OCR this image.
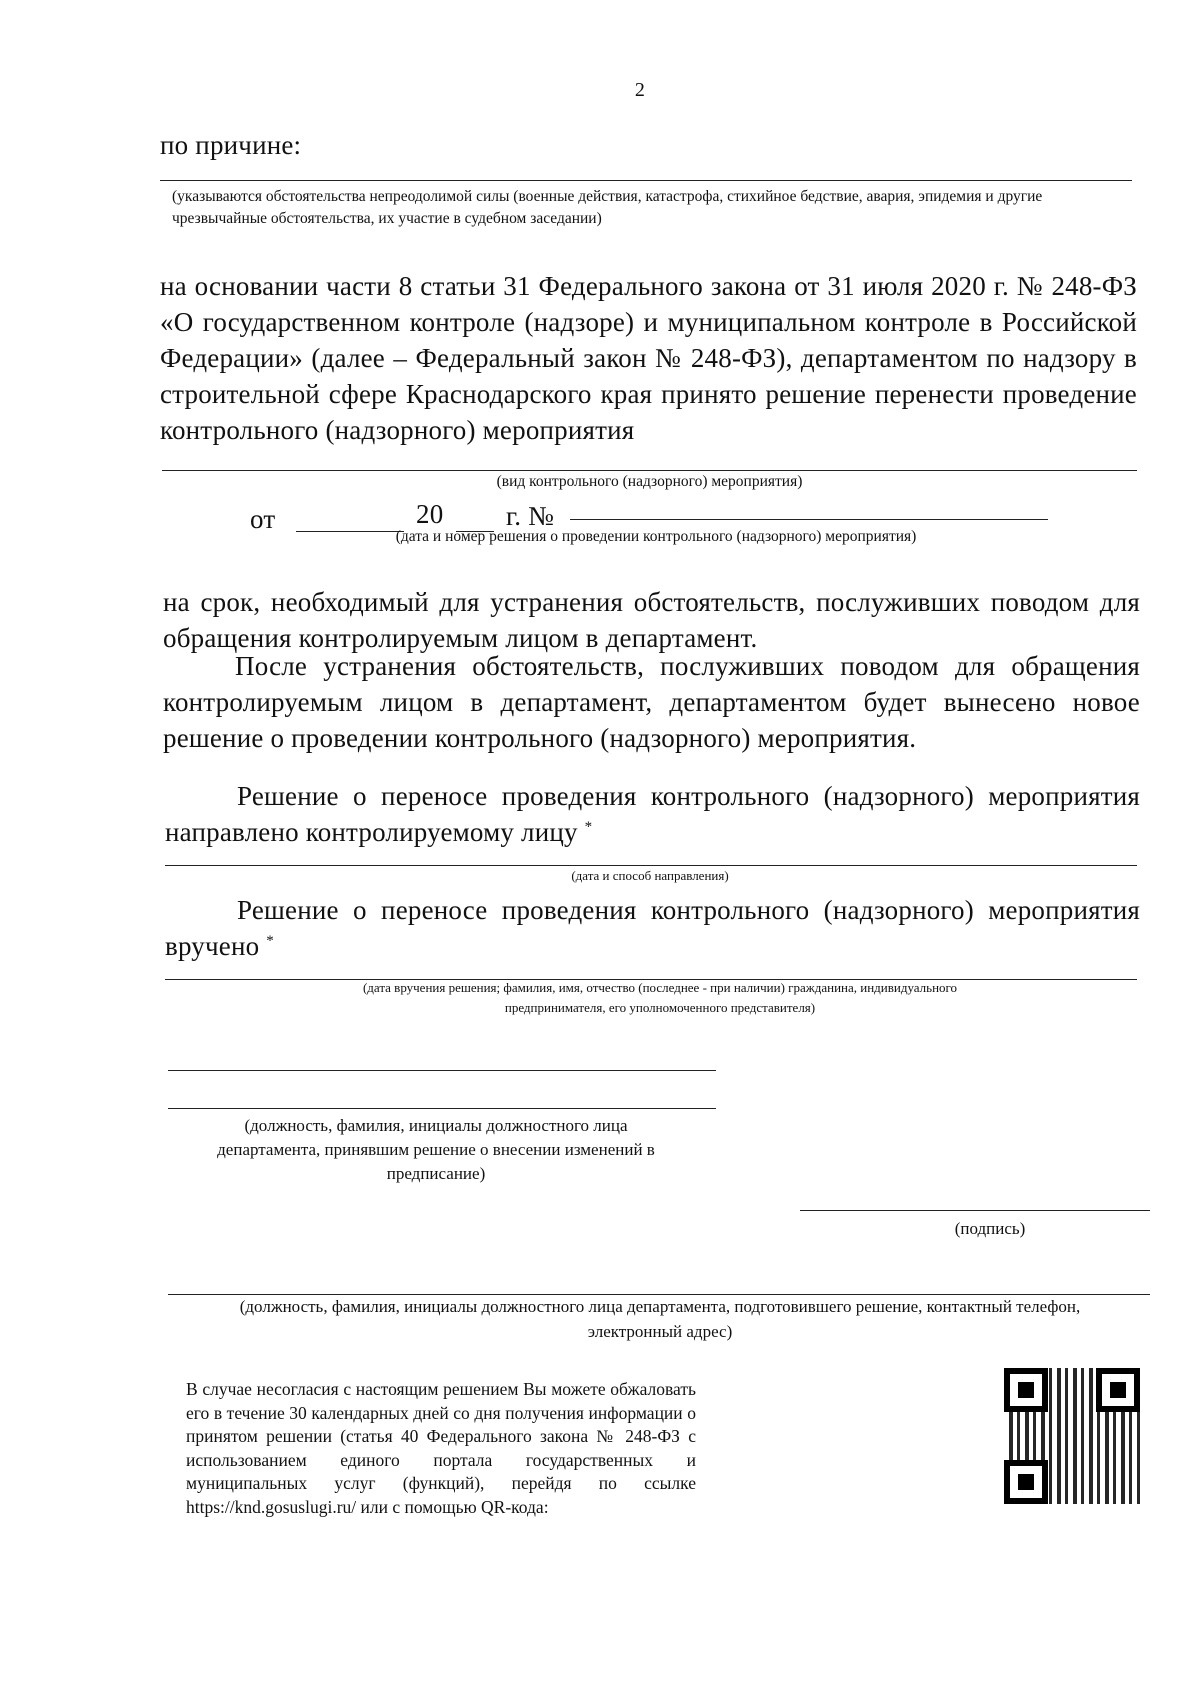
2
по причине:
(указываются обстоятельства непреодолимой силы (военные действия, катастрофа, стихийное бедствие, авария, эпидемия и другие чрезвычайные обстоятельства, их участие в судебном заседании)
на основании части 8 статьи 31 Федерального закона от 31 июля 2020 г. № 248-ФЗ «О государственном контроле (надзоре) и муниципальном контроле в Российской Федерации» (далее – Федеральный закон № 248-ФЗ), департаментом по надзору в строительной сфере Краснодарского края принято решение перенести проведение контрольного (надзорного) мероприятия
(вид контрольного (надзорного) мероприятия)
от	20 г. №
(дата и номер решения о проведении контрольного (надзорного) мероприятия)
на срок, необходимый для устранения обстоятельств, послуживших поводом для обращения контролируемым лицом в департамент.
После устранения обстоятельств, послуживших поводом для обращения контролируемым лицом в департамент, департаментом будет вынесено новое решение о проведении контрольного (надзорного) мероприятия.
Решение о переносе проведения контрольного (надзорного) мероприятия направлено контролируемому лицу *
(дата и способ направления)
Решение о переносе проведения контрольного (надзорного) мероприятия вручено *
(дата вручения решения; фамилия, имя, отчество (последнее - при наличии) гражданина, индивидуального предпринимателя, его уполномоченного представителя)
(должность, фамилия, инициалы должностного лица департамента, принявшим решение о внесении изменений в предписание)
(подпись)
(должность, фамилия, инициалы должностного лица департамента, подготовившего решение, контактный телефон, электронный адрес)
В случае несогласия с настоящим решением Вы можете обжаловать его в течение 30 календарных дней со дня получения информации о принятом решении (статья 40 Федерального закона № 248-ФЗ с использованием единого портала государственных и муниципальных услуг (функций), перейдя по ссылке https://knd.gosuslugi.ru/ или с помощью QR-кода:
